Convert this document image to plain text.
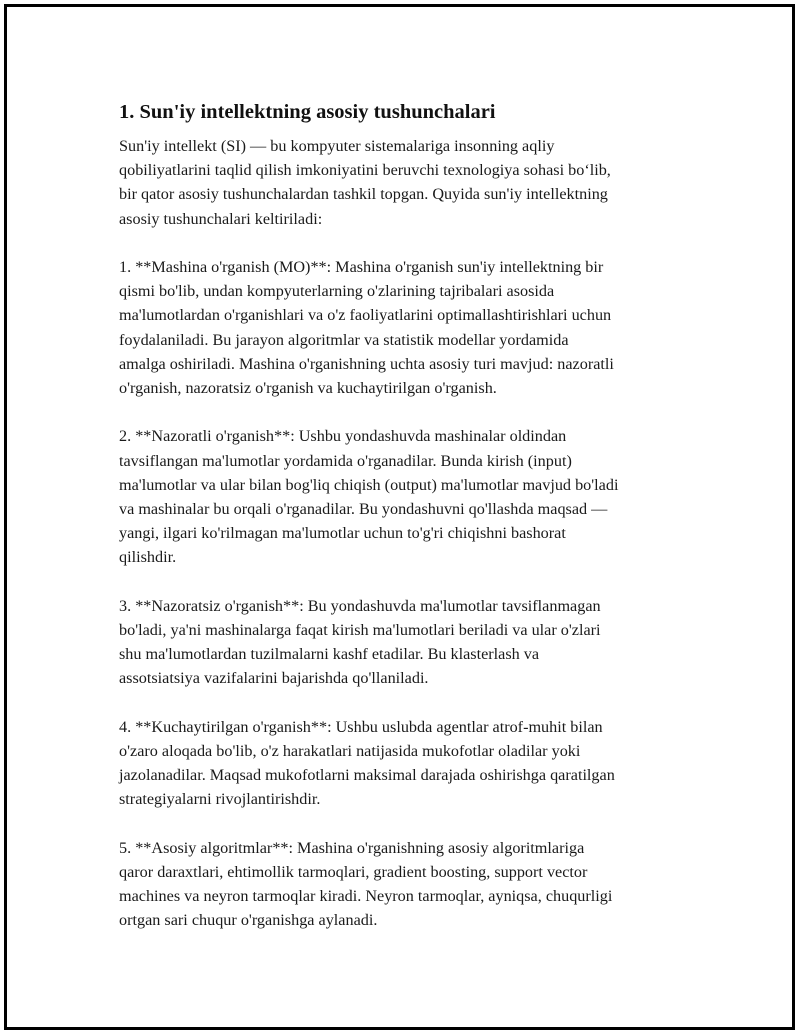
1. Sun'iy intellektning asosiy tushunchalari
Sun'iy intellekt (SI) — bu kompyuter sistemalariga insonning aqliy
qobiliyatlarini taqlid qilish imkoniyatini beruvchi texnologiya sohasi bo‘lib,
bir qator asosiy tushunchalardan tashkil topgan. Quyida sun'iy intellektning
asosiy tushunchalari keltiriladi:
1. **Mashina o'rganish (MO)**: Mashina o'rganish sun'iy intellektning bir
qismi bo'lib, undan kompyuterlarning o'zlarining tajribalari asosida
ma'lumotlardan o'rganishlari va o'z faoliyatlarini optimallashtirishlari uchun
foydalaniladi. Bu jarayon algoritmlar va statistik modellar yordamida
amalga oshiriladi. Mashina o'rganishning uchta asosiy turi mavjud: nazoratli
o'rganish, nazoratsiz o'rganish va kuchaytirilgan o'rganish.
2. **Nazoratli o'rganish**: Ushbu yondashuvda mashinalar oldindan
tavsiflangan ma'lumotlar yordamida o'rganadilar. Bunda kirish (input)
ma'lumotlar va ular bilan bog'liq chiqish (output) ma'lumotlar mavjud bo'ladi
va mashinalar bu orqali o'rganadilar. Bu yondashuvni qo'llashda maqsad —
yangi, ilgari ko'rilmagan ma'lumotlar uchun to'g'ri chiqishni bashorat
qilishdir.
3. **Nazoratsiz o'rganish**: Bu yondashuvda ma'lumotlar tavsiflanmagan
bo'ladi, ya'ni mashinalarga faqat kirish ma'lumotlari beriladi va ular o'zlari
shu ma'lumotlardan tuzilmalarni kashf etadilar. Bu klasterlash va
assotsiatsiya vazifalarini bajarishda qo'llaniladi.
4. **Kuchaytirilgan o'rganish**: Ushbu uslubda agentlar atrof-muhit bilan
o'zaro aloqada bo'lib, o'z harakatlari natijasida mukofotlar oladilar yoki
jazolanadilar. Maqsad mukofotlarni maksimal darajada oshirishga qaratilgan
strategiyalarni rivojlantirishdir.
5. **Asosiy algoritmlar**: Mashina o'rganishning asosiy algoritmlariga
qaror daraxtlari, ehtimollik tarmoqlari, gradient boosting, support vector
machines va neyron tarmoqlar kiradi. Neyron tarmoqlar, ayniqsa, chuqurligi
ortgan sari chuqur o'rganishga aylanadi.
